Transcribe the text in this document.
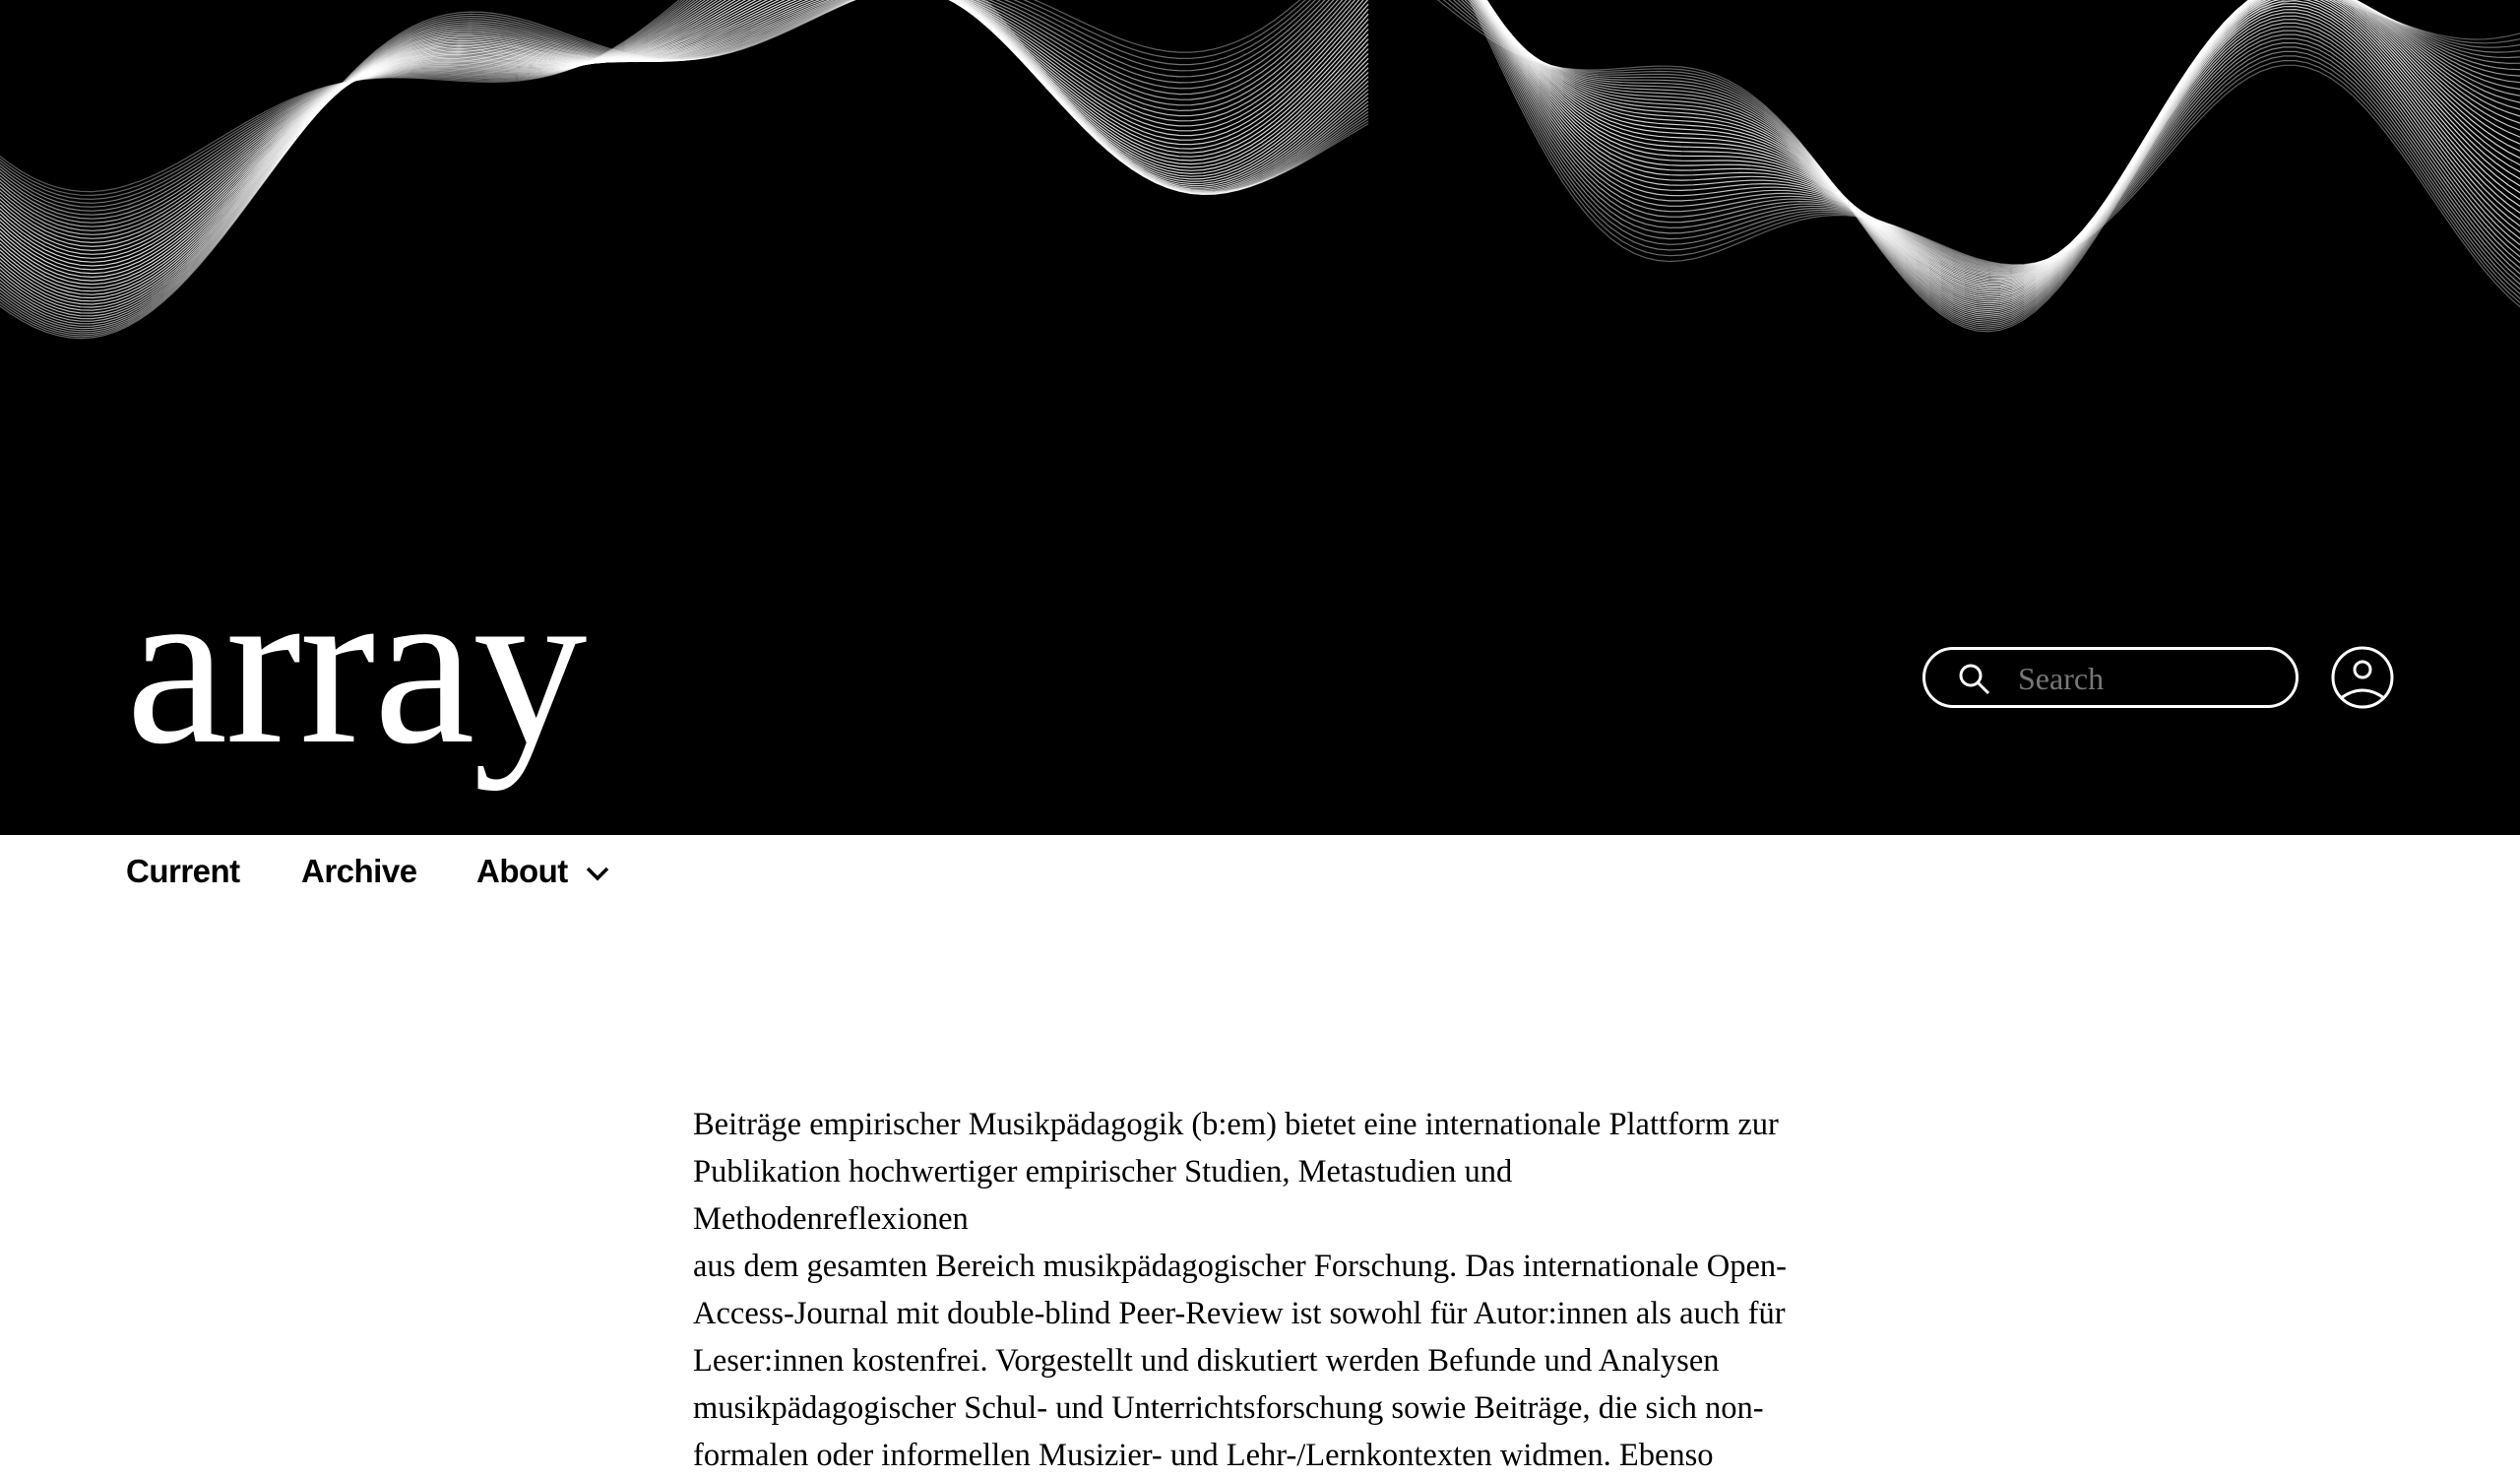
array
Search
Current Archive About

Beiträge empirischer Musikpädagogik (b:em) bietet eine internationale Plattform zur
Publikation hochwertiger empirischer Studien, Metastudien und Methodenreflexionen
aus dem gesamten Bereich musikpädagogischer Forschung. Das internationale Open-
Access-Journal mit double-blind Peer-Review ist sowohl für Autor:innen als auch für
Leser:innen kostenfrei. Vorgestellt und diskutiert werden Befunde und Analysen
musikpädagogischer Schul- und Unterrichtsforschung sowie Beiträge, die sich non-
formalen oder informellen Musizier- und Lehr-/Lernkontexten widmen. Ebenso
